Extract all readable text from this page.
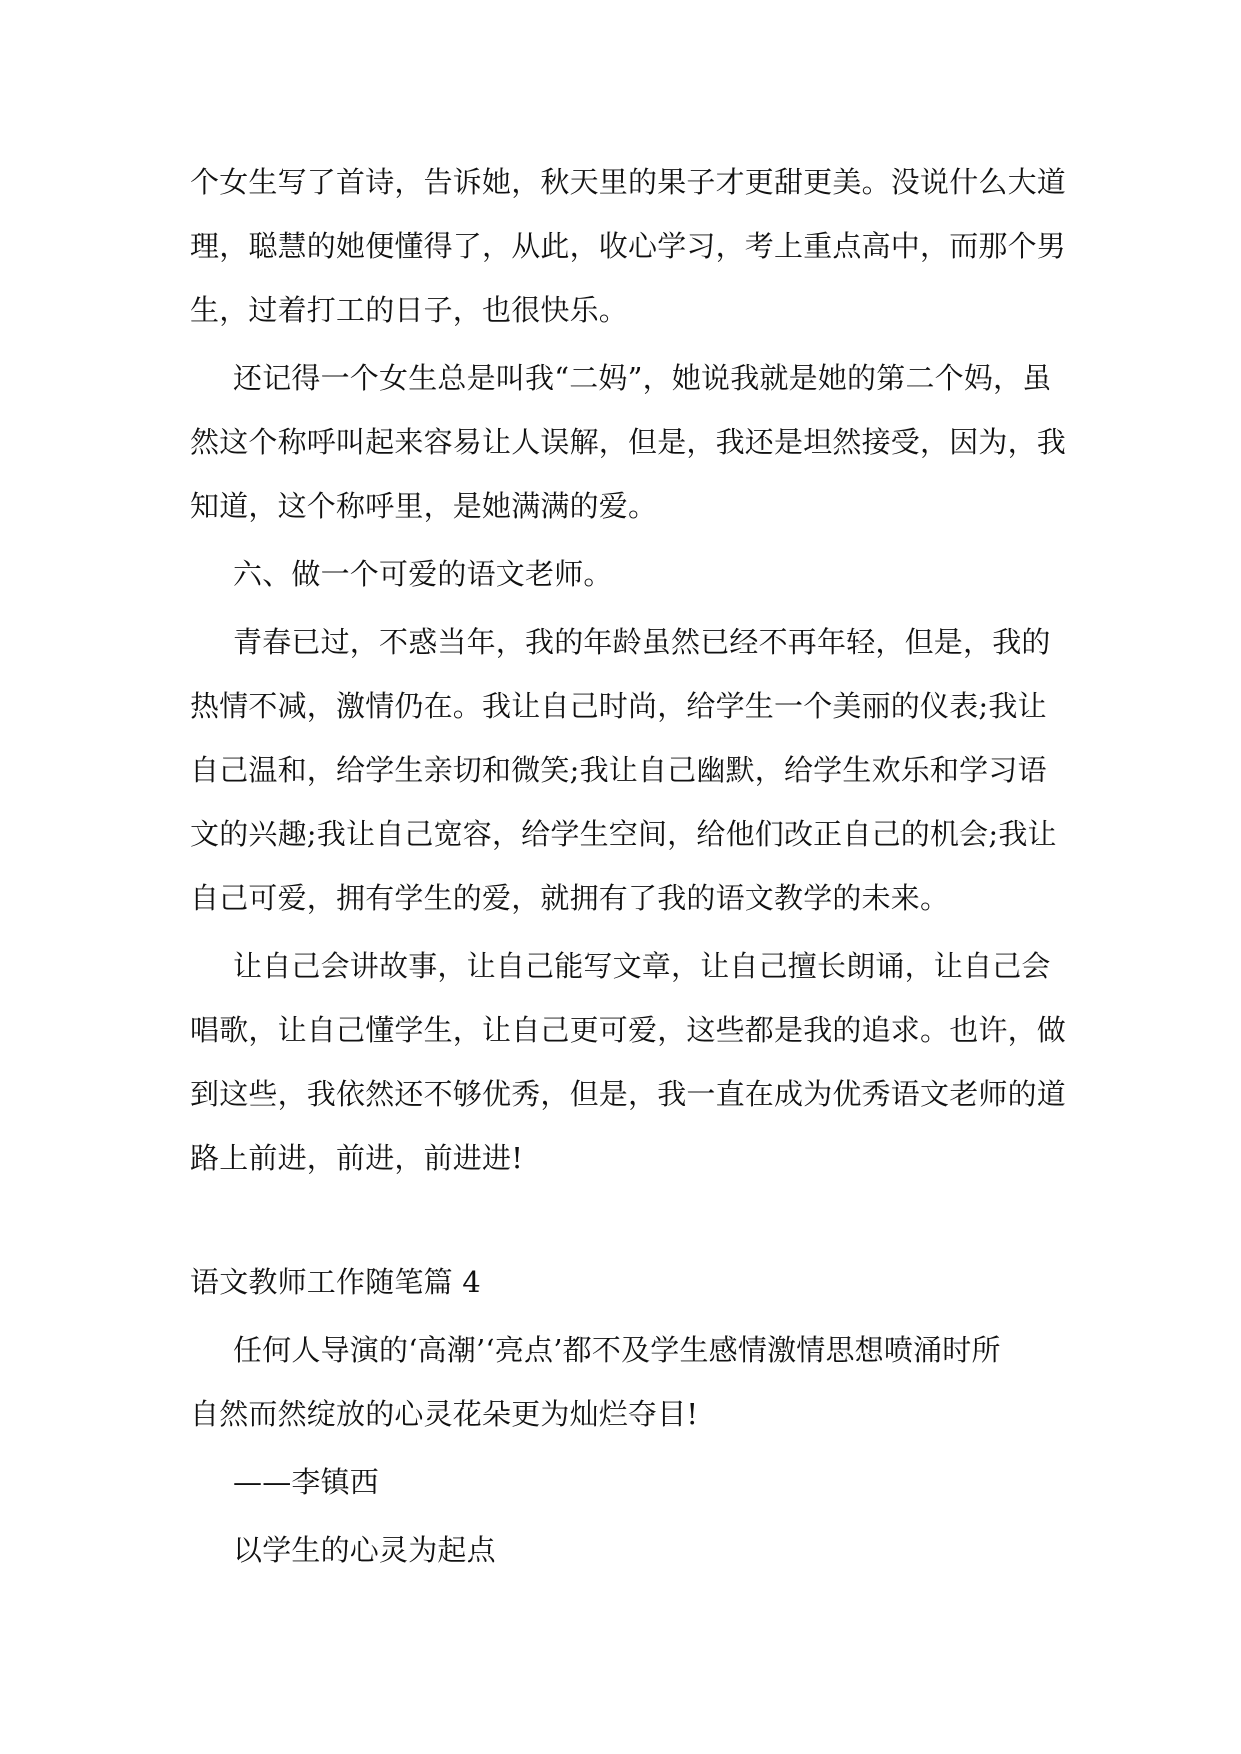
个女生写了首诗，告诉她，秋天里的果子才更甜更美。没说什么大道
理，聪慧的她便懂得了，从此，收心学习，考上重点高中，而那个男
生，过着打工的日子，也很快乐。
还记得一个女生总是叫我“二妈”，她说我就是她的第二个妈，虽
然这个称呼叫起来容易让人误解，但是，我还是坦然接受，因为，我
知道，这个称呼里，是她满满的爱。
六、做一个可爱的语文老师。
青春已过，不惑当年，我的年龄虽然已经不再年轻，但是，我的
热情不减，激情仍在。我让自己时尚，给学生一个美丽的仪表;我让
自己温和，给学生亲切和微笑;我让自己幽默，给学生欢乐和学习语
文的兴趣;我让自己宽容，给学生空间，给他们改正自己的机会;我让
自己可爱，拥有学生的爱，就拥有了我的语文教学的未来。
让自己会讲故事，让自己能写文章，让自己擅长朗诵，让自己会
唱歌，让自己懂学生，让自己更可爱，这些都是我的追求。也许，做
到这些，我依然还不够优秀，但是，我一直在成为优秀语文老师的道
路上前进，前进，前进进!
语文教师工作随笔篇 4
任何人导演的‘高潮’‘亮点’都不及学生感情激情思想喷涌时所
自然而然绽放的心灵花朵更为灿烂夺目!
——李镇西
以学生的心灵为起点
